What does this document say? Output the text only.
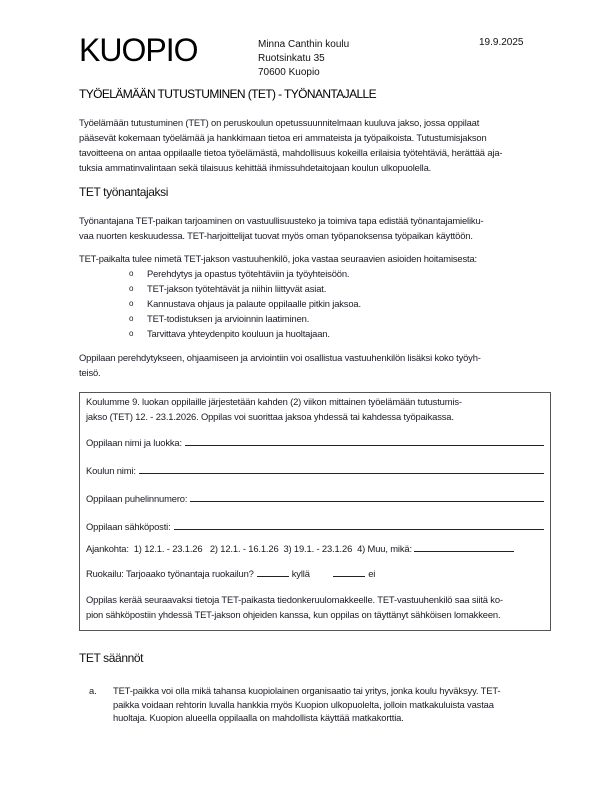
KUOPIO	Minna Canthin koulu
Ruotsinkatu 35
70600 Kuopio
19.9.2025
TYÖELÄMÄÄN TUTUSTUMINEN (TET) - TYÖNANTAJALLE
Työelämään tutustuminen (TET) on peruskoulun opetussuunnitelmaan kuuluva jakso, jossa oppilaat
pääsevät kokemaan työelämää ja hankkimaan tietoa eri ammateista ja työpaikoista. Tutustumisjakson
tavoitteena on antaa oppilaalle tietoa työelämästä, mahdollisuus kokeilla erilaisia työtehtäviä, herättää aja-
tuksia ammatinvalintaan sekä tilaisuus kehittää ihmissuhdetaitojaan koulun ulkopuolella.
TET työnantajaksi
Työnantajana TET-paikan tarjoaminen on vastuullisuusteko ja toimiva tapa edistää työnantajamieliku-
vaa nuorten keskuudessa. TET-harjoittelijat tuovat myös oman työpanoksensa työpaikan käyttöön.
TET-paikalta tulee nimetä TET-jakson vastuuhenkilö, joka vastaa seuraavien asioiden hoitamisesta:
o	Perehdytys ja opastus työtehtäviin ja työyhteisöön.
o	TET-jakson työtehtävät ja niihin liittyvät asiat.
o	Kannustava ohjaus ja palaute oppilaalle pitkin jaksoa.
o	TET-todistuksen ja arvioinnin laatiminen.
o	Tarvittava yhteydenpito kouluun ja huoltajaan.
Oppilaan perehdytykseen, ohjaamiseen ja arviointiin voi osallistua vastuuhenkilön lisäksi koko työyh-
teisö.
Koulumme 9. luokan oppilaille järjestetään kahden (2) viikon mittainen työelämään tutustumis-
jakso (TET) 12. - 23.1.2026. Oppilas voi suorittaa jaksoa yhdessä tai kahdessa työpaikassa.
Oppilaan nimi ja luokka:
Koulun nimi:
Oppilaan puhelinnumero:
Oppilaan sähköposti:
Ajankohta: 1) 12.1. - 23.1.26 2) 12.1. - 16.1.26 3) 19.1. - 23.1.26 4) Muu, mikä:
Ruokailu: Tarjoaako työnantaja ruokailun?	kyllä	ei
Oppilas kerää seuraavaksi tietoja TET-paikasta tiedonkeruulomakkeelle. TET-vastuuhenkilö saa siitä ko-
pion sähköpostiin yhdessä TET-jakson ohjeiden kanssa, kun oppilas on täyttänyt sähköisen lomakkeen.
TET säännöt
a.	TET-paikka voi olla mikä tahansa kuopiolainen organisaatio tai yritys, jonka koulu hyväksyy. TET-
paikka voidaan rehtorin luvalla hankkia myös Kuopion ulkopuolelta, jolloin matkakuluista vastaa
huoltaja. Kuopion alueella oppilaalla on mahdollista käyttää matkakorttia.
